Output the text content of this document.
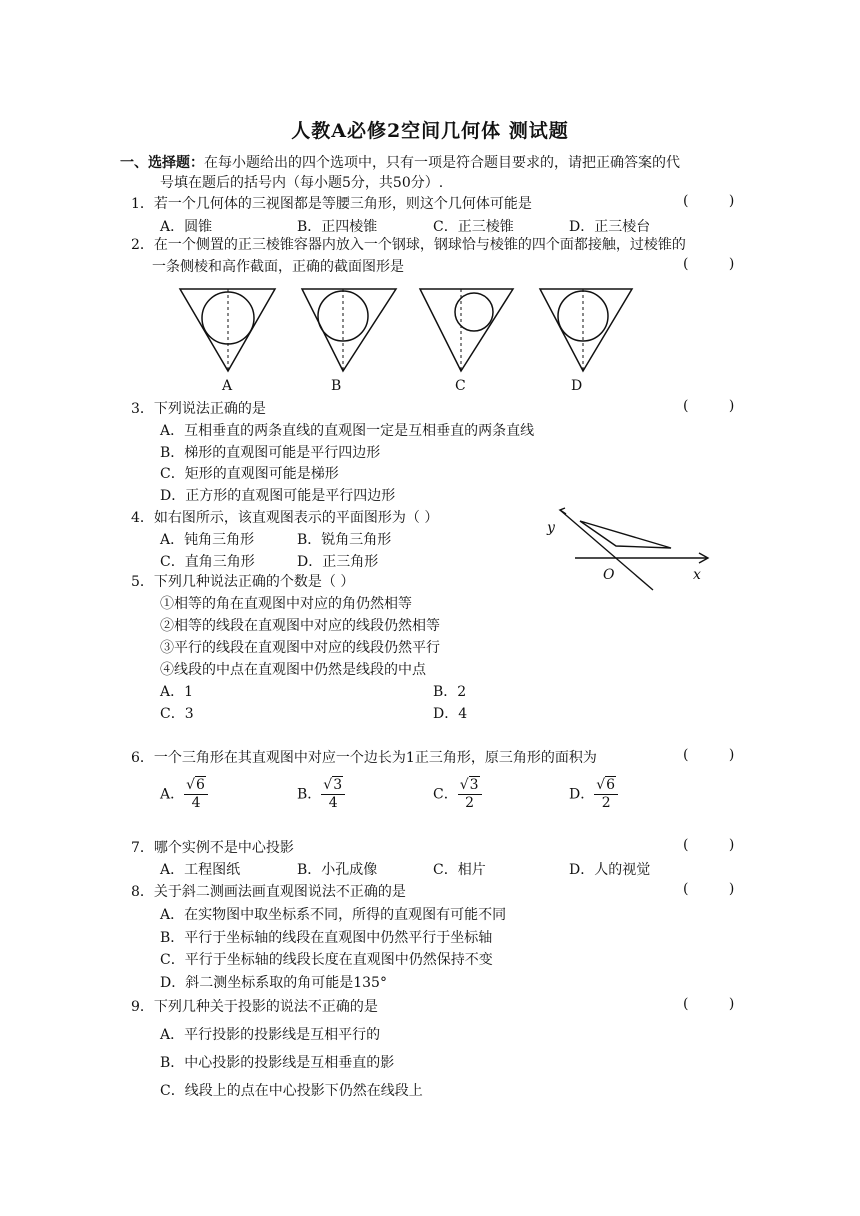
人教A必修2空间几何体 测试题
一、选择题：在每小题给出的四个选项中，只有一项是符合题目要求的，请把正确答案的代
号填在题后的括号内（每小题5分，共50分）.
1．若一个几何体的三视图都是等腰三角形，则这个几何体可能是	( )
A．圆锥	B．正四棱锥	C．正三棱锥	D．正三棱台
2．在一个侧置的正三棱锥容器内放入一个钢球，钢球恰与棱锥的四个面都接触，过棱锥的
一条侧棱和高作截面，正确的截面图形是	( )
A	B	C	D
3．下列说法正确的是	( )
A．互相垂直的两条直线的直观图一定是互相垂直的两条直线
B．梯形的直观图可能是平行四边形
C．矩形的直观图可能是梯形
D．正方形的直观图可能是平行四边形
4．如右图所示，该直观图表示的平面图形为（ ）
A．钝角三角形	B．锐角三角形
C．直角三角形	D．正三角形
y
O	x
5．下列几种说法正确的个数是（ ）
①相等的角在直观图中对应的角仍然相等
②相等的线段在直观图中对应的线段仍然相等
③平行的线段在直观图中对应的线段仍然平行
④线段的中点在直观图中仍然是线段的中点
A．1	B．2
C．3	D．4
6．一个三角形在其直观图中对应一个边长为1正三角形，原三角形的面积为	( )
A． $\frac{√6}{4}$	B． $\frac{√3}{4}$	C． $\frac{√3}{2}$	D． $\frac{√6}{2}$
7．哪个实例不是中心投影	( )
A．工程图纸	B．小孔成像	C．相片	D．人的视觉
8．关于斜二测画法画直观图说法不正确的是	( )
A．在实物图中取坐标系不同，所得的直观图有可能不同
B．平行于坐标轴的线段在直观图中仍然平行于坐标轴
C．平行于坐标轴的线段长度在直观图中仍然保持不变
D．斜二测坐标系取的角可能是135°
9．下列几种关于投影的说法不正确的是	( )
A．平行投影的投影线是互相平行的
B．中心投影的投影线是互相垂直的影
C．线段上的点在中心投影下仍然在线段上
